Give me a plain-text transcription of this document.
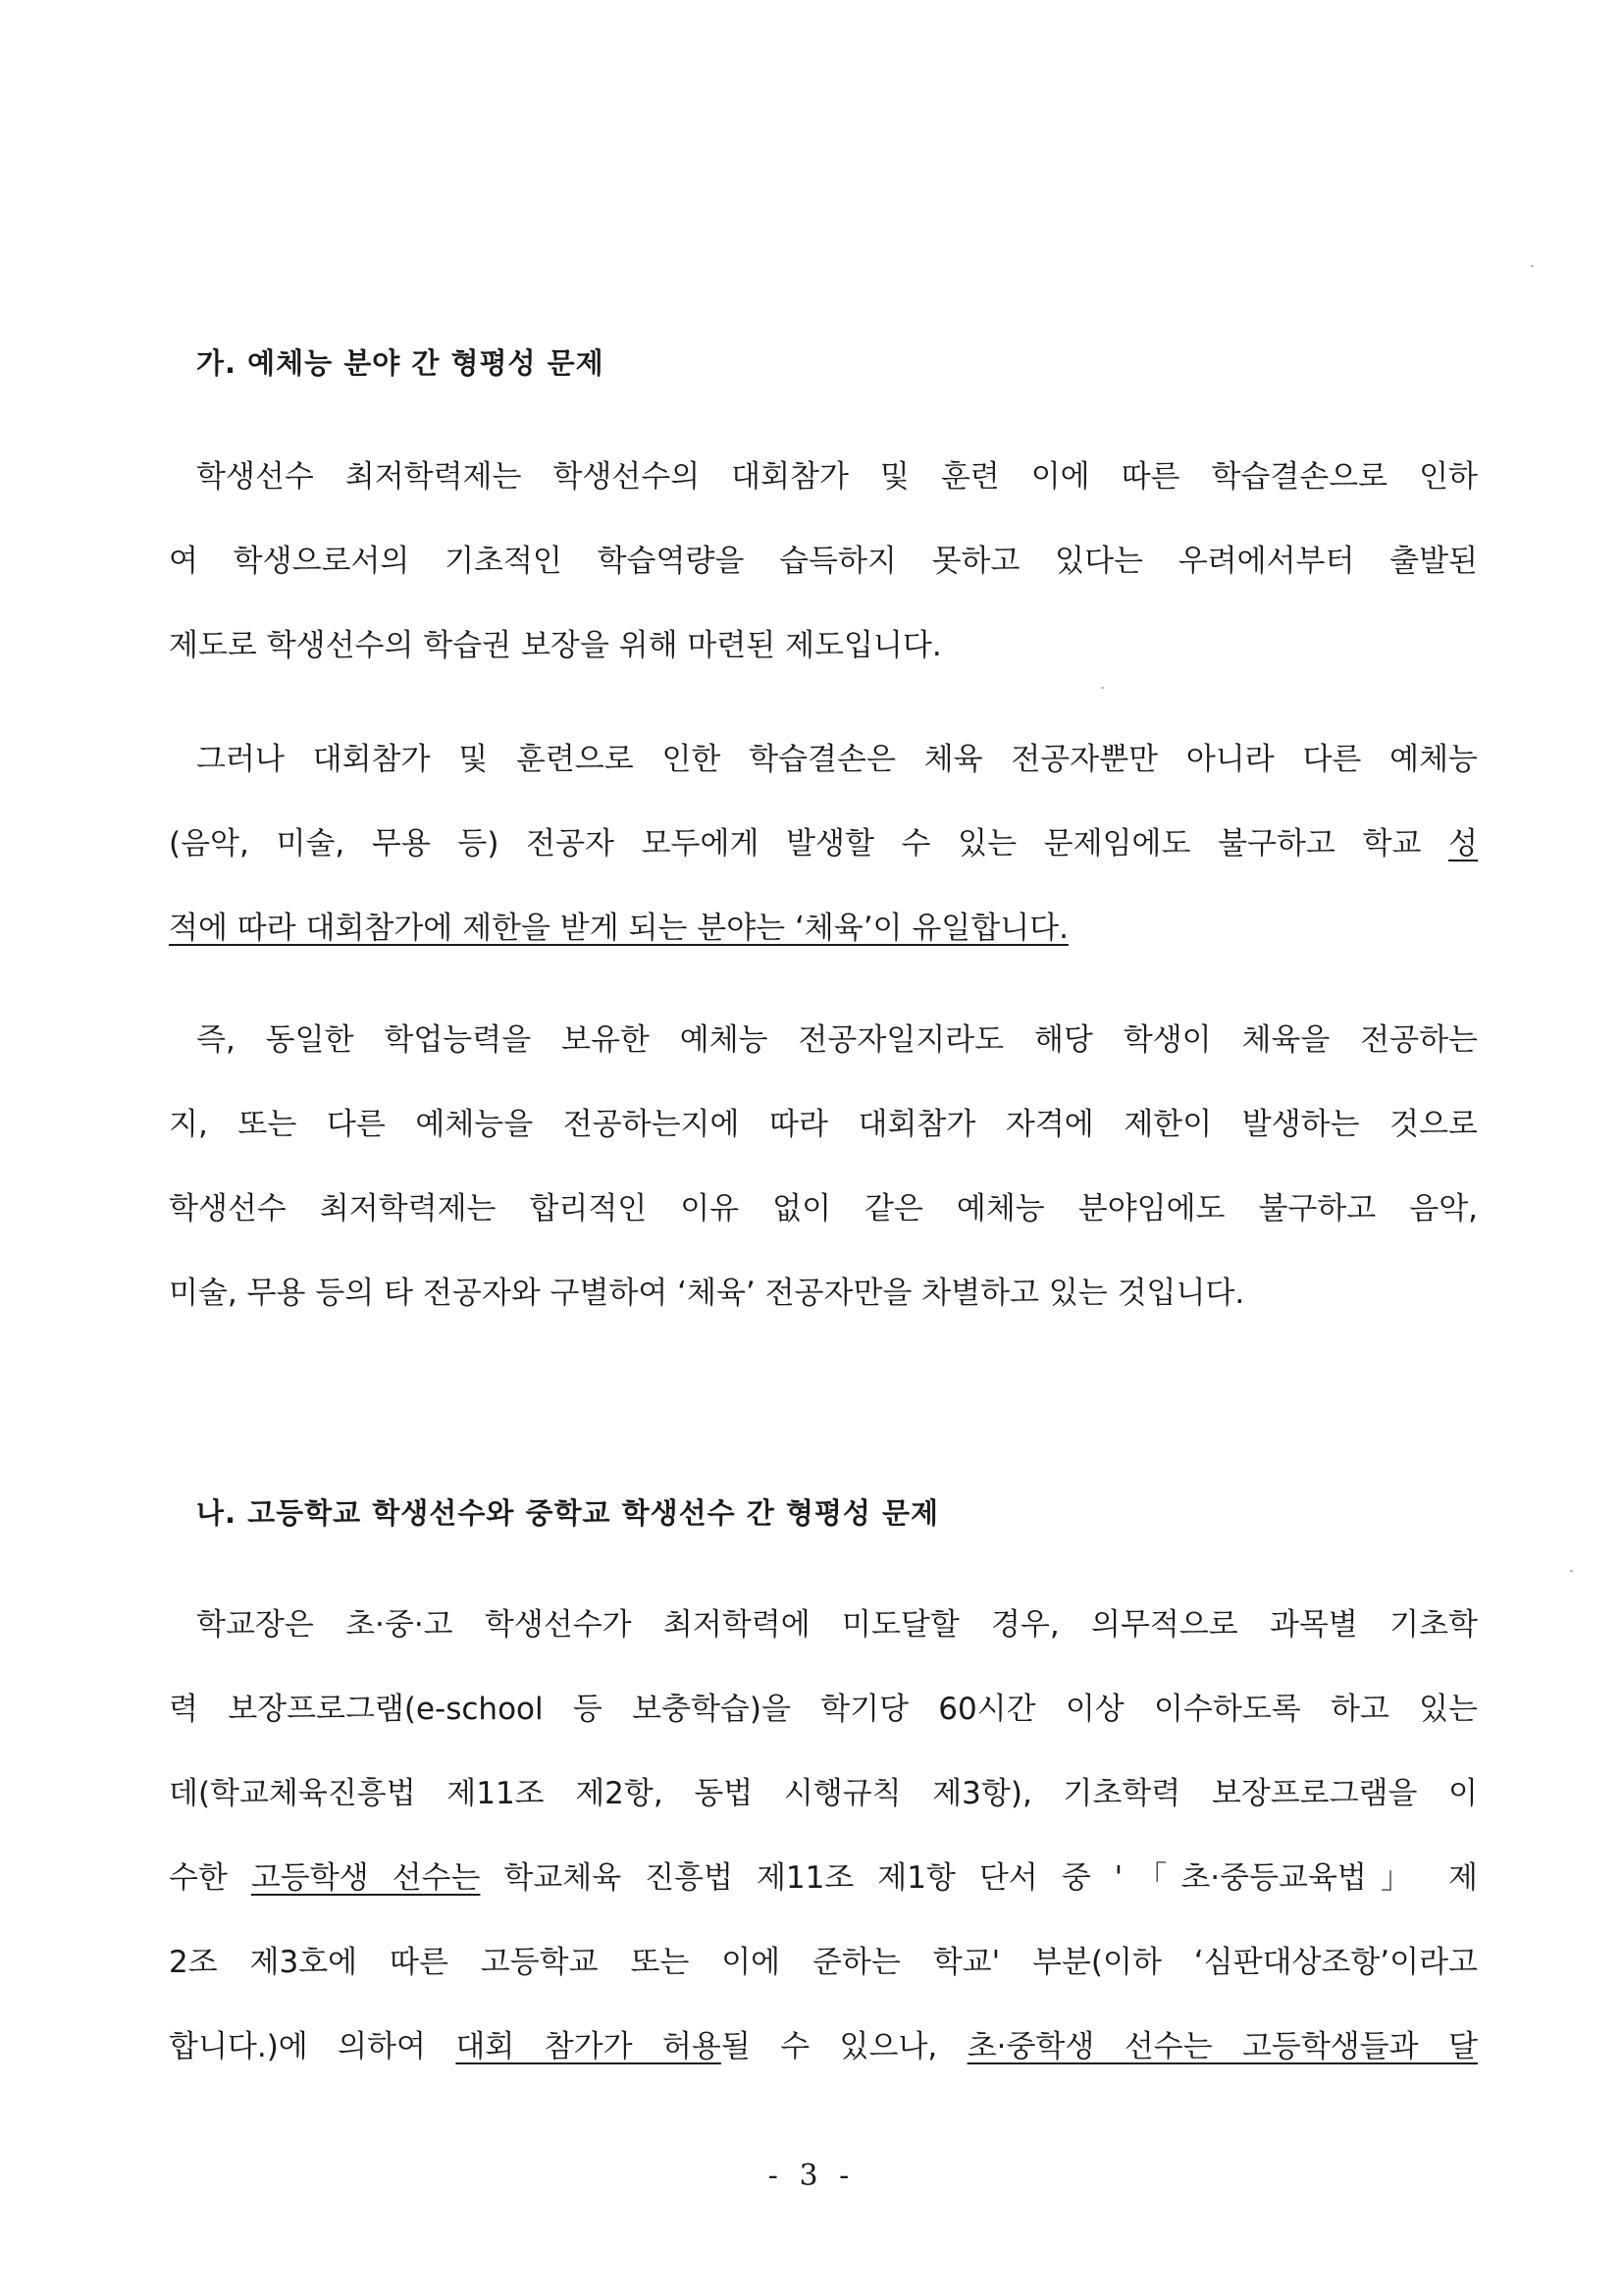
가. 예체능 분야 간 형평성 문제
학생선수 최저학력제는 학생선수의 대회참가 및 훈련 이에 따른 학습결손으로 인하
여 학생으로서의 기초적인 학습역량을 습득하지 못하고 있다는 우려에서부터 출발된
제도로 학생선수의 학습권 보장을 위해 마련된 제도입니다.
그러나 대회참가 및 훈련으로 인한 학습결손은 체육 전공자뿐만 아니라 다른 예체능
(음악, 미술, 무용 등) 전공자 모두에게 발생할 수 있는 문제임에도 불구하고 학교 성
적에 따라 대회참가에 제한을 받게 되는 분야는 ‘체육’이 유일합니다.
즉, 동일한 학업능력을 보유한 예체능 전공자일지라도 해당 학생이 체육을 전공하는
지, 또는 다른 예체능을 전공하는지에 따라 대회참가 자격에 제한이 발생하는 것으로
학생선수 최저학력제는 합리적인 이유 없이 같은 예체능 분야임에도 불구하고 음악,
미술, 무용 등의 타 전공자와 구별하여 ‘체육’ 전공자만을 차별하고 있는 것입니다.
나. 고등학교 학생선수와 중학교 학생선수 간 형평성 문제
학교장은 초·중·고 학생선수가 최저학력에 미도달할 경우, 의무적으로 과목별 기초학
력 보장프로그램(e-school 등 보충학습)을 학기당 60시간 이상 이수하도록 하고 있는
데(학교체육진흥법 제11조 제2항, 동법 시행규칙 제3항), 기초학력 보장프로그램을 이
수한 고등학생 선수는 학교체육 진흥법 제11조 제1항 단서 중 '「초·중등교육법」 제
2조 제3호에 따른 고등학교 또는 이에 준하는 학교' 부분(이하 ‘심판대상조항’이라고
합니다.)에 의하여 대회 참가가 허용될 수 있으나, 초·중학생 선수는 고등학생들과 달
- 3 -
